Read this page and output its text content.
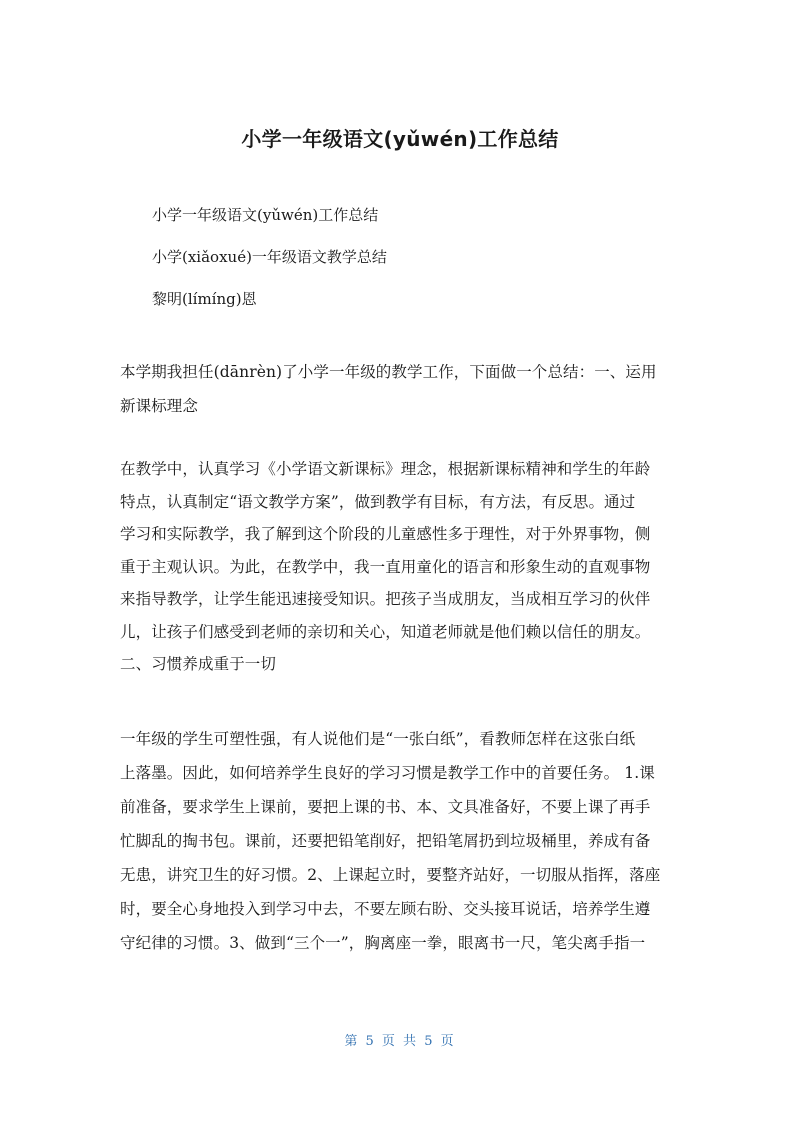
小学一年级语文(yǔwén)工作总结
小学一年级语文(yǔwén)工作总结
小学(xiǎoxué)一年级语文教学总结
黎明(límíng)恩
本学期我担任(dānrèn)了小学一年级的教学工作，下面做一个总结：一、运用
新课标理念
在教学中，认真学习《小学语文新课标》理念，根据新课标精神和学生的年龄
特点，认真制定“语文教学方案”，做到教学有目标，有方法，有反思。通过
学习和实际教学，我了解到这个阶段的儿童感性多于理性，对于外界事物，侧
重于主观认识。为此，在教学中，我一直用童化的语言和形象生动的直观事物
来指导教学，让学生能迅速接受知识。把孩子当成朋友，当成相互学习的伙伴
儿，让孩子们感受到老师的亲切和关心，知道老师就是他们赖以信任的朋友。
二、习惯养成重于一切
一年级的学生可塑性强，有人说他们是“一张白纸”，看教师怎样在这张白纸
上落墨。因此，如何培养学生良好的学习习惯是教学工作中的首要任务。 1.课
前准备，要求学生上课前，要把上课的书、本、文具准备好，不要上课了再手
忙脚乱的掏书包。课前，还要把铅笔削好，把铅笔屑扔到垃圾桶里，养成有备
无患，讲究卫生的好习惯。2、上课起立时，要整齐站好，一切服从指挥，落座
时，要全心身地投入到学习中去，不要左顾右盼、交头接耳说话，培养学生遵
守纪律的习惯。3、做到“三个一”，胸离座一拳，眼离书一尺，笔尖离手指一
第 5 页 共 5 页
